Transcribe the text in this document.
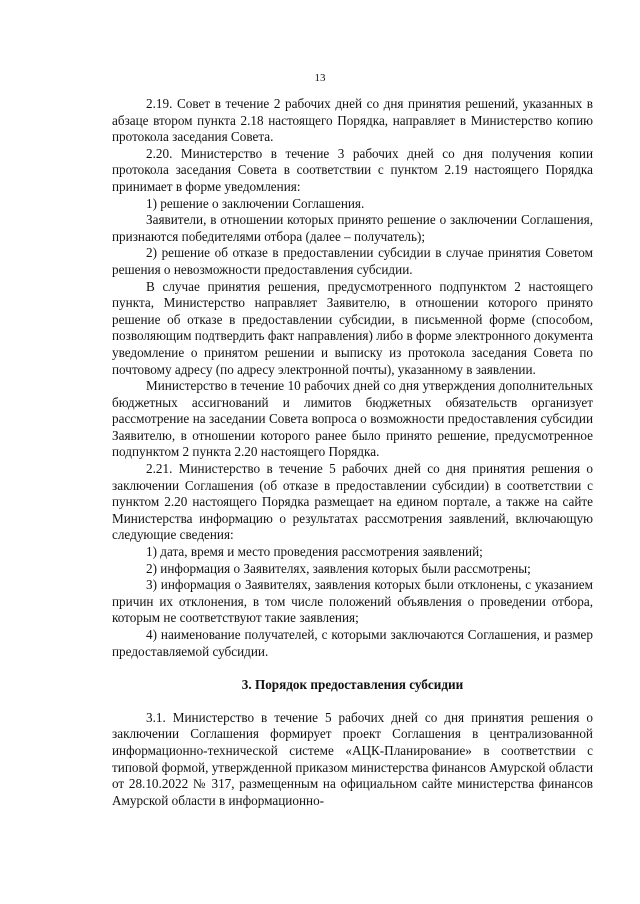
13

2.19. Совет в течение 2 рабочих дней со дня принятия решений, указанных в абзаце втором пункта 2.18 настоящего Порядка, направляет в Министерство копию протокола заседания Совета.

2.20. Министерство в течение 3 рабочих дней со дня получения копии протокола заседания Совета в соответствии с пунктом 2.19 настоящего Порядка принимает в форме уведомления:

1) решение о заключении Соглашения.

Заявители, в отношении которых принято решение о заключении Соглашения, признаются победителями отбора (далее – получатель);

2) решение об отказе в предоставлении субсидии в случае принятия Советом решения о невозможности предоставления субсидии.

В случае принятия решения, предусмотренного подпунктом 2 настоящего пункта, Министерство направляет Заявителю, в отношении которого принято решение об отказе в предоставлении субсидии, в письменной форме (способом, позволяющим подтвердить факт направления) либо в форме электронного документа уведомление о принятом решении и выписку из протокола заседания Совета по почтовому адресу (по адресу электронной почты), указанному в заявлении.

Министерство в течение 10 рабочих дней со дня утверждения дополнительных бюджетных ассигнований и лимитов бюджетных обязательств организует рассмотрение на заседании Совета вопроса о возможности предоставления субсидии Заявителю, в отношении которого ранее было принято решение, предусмотренное подпунктом 2 пункта 2.20 настоящего Порядка.

2.21. Министерство в течение 5 рабочих дней со дня принятия решения о заключении Соглашения (об отказе в предоставлении субсидии) в соответствии с пунктом 2.20 настоящего Порядка размещает на едином портале, а также на сайте Министерства информацию о результатах рассмотрения заявлений, включающую следующие сведения:

1) дата, время и место проведения рассмотрения заявлений;

2) информация о Заявителях, заявления которых были рассмотрены;

3) информация о Заявителях, заявления которых были отклонены, с указанием причин их отклонения, в том числе положений объявления о проведении отбора, которым не соответствуют такие заявления;

4) наименование получателей, с которыми заключаются Соглашения, и размер предоставляемой субсидии.

3. Порядок предоставления субсидии

3.1. Министерство в течение 5 рабочих дней со дня принятия решения о заключении Соглашения формирует проект Соглашения в централизованной информационно-технической системе «АЦК-Планирование» в соответствии с типовой формой, утвержденной приказом министерства финансов Амурской области от 28.10.2022 № 317, размещенным на официальном сайте министерства финансов Амурской области в информационно-
